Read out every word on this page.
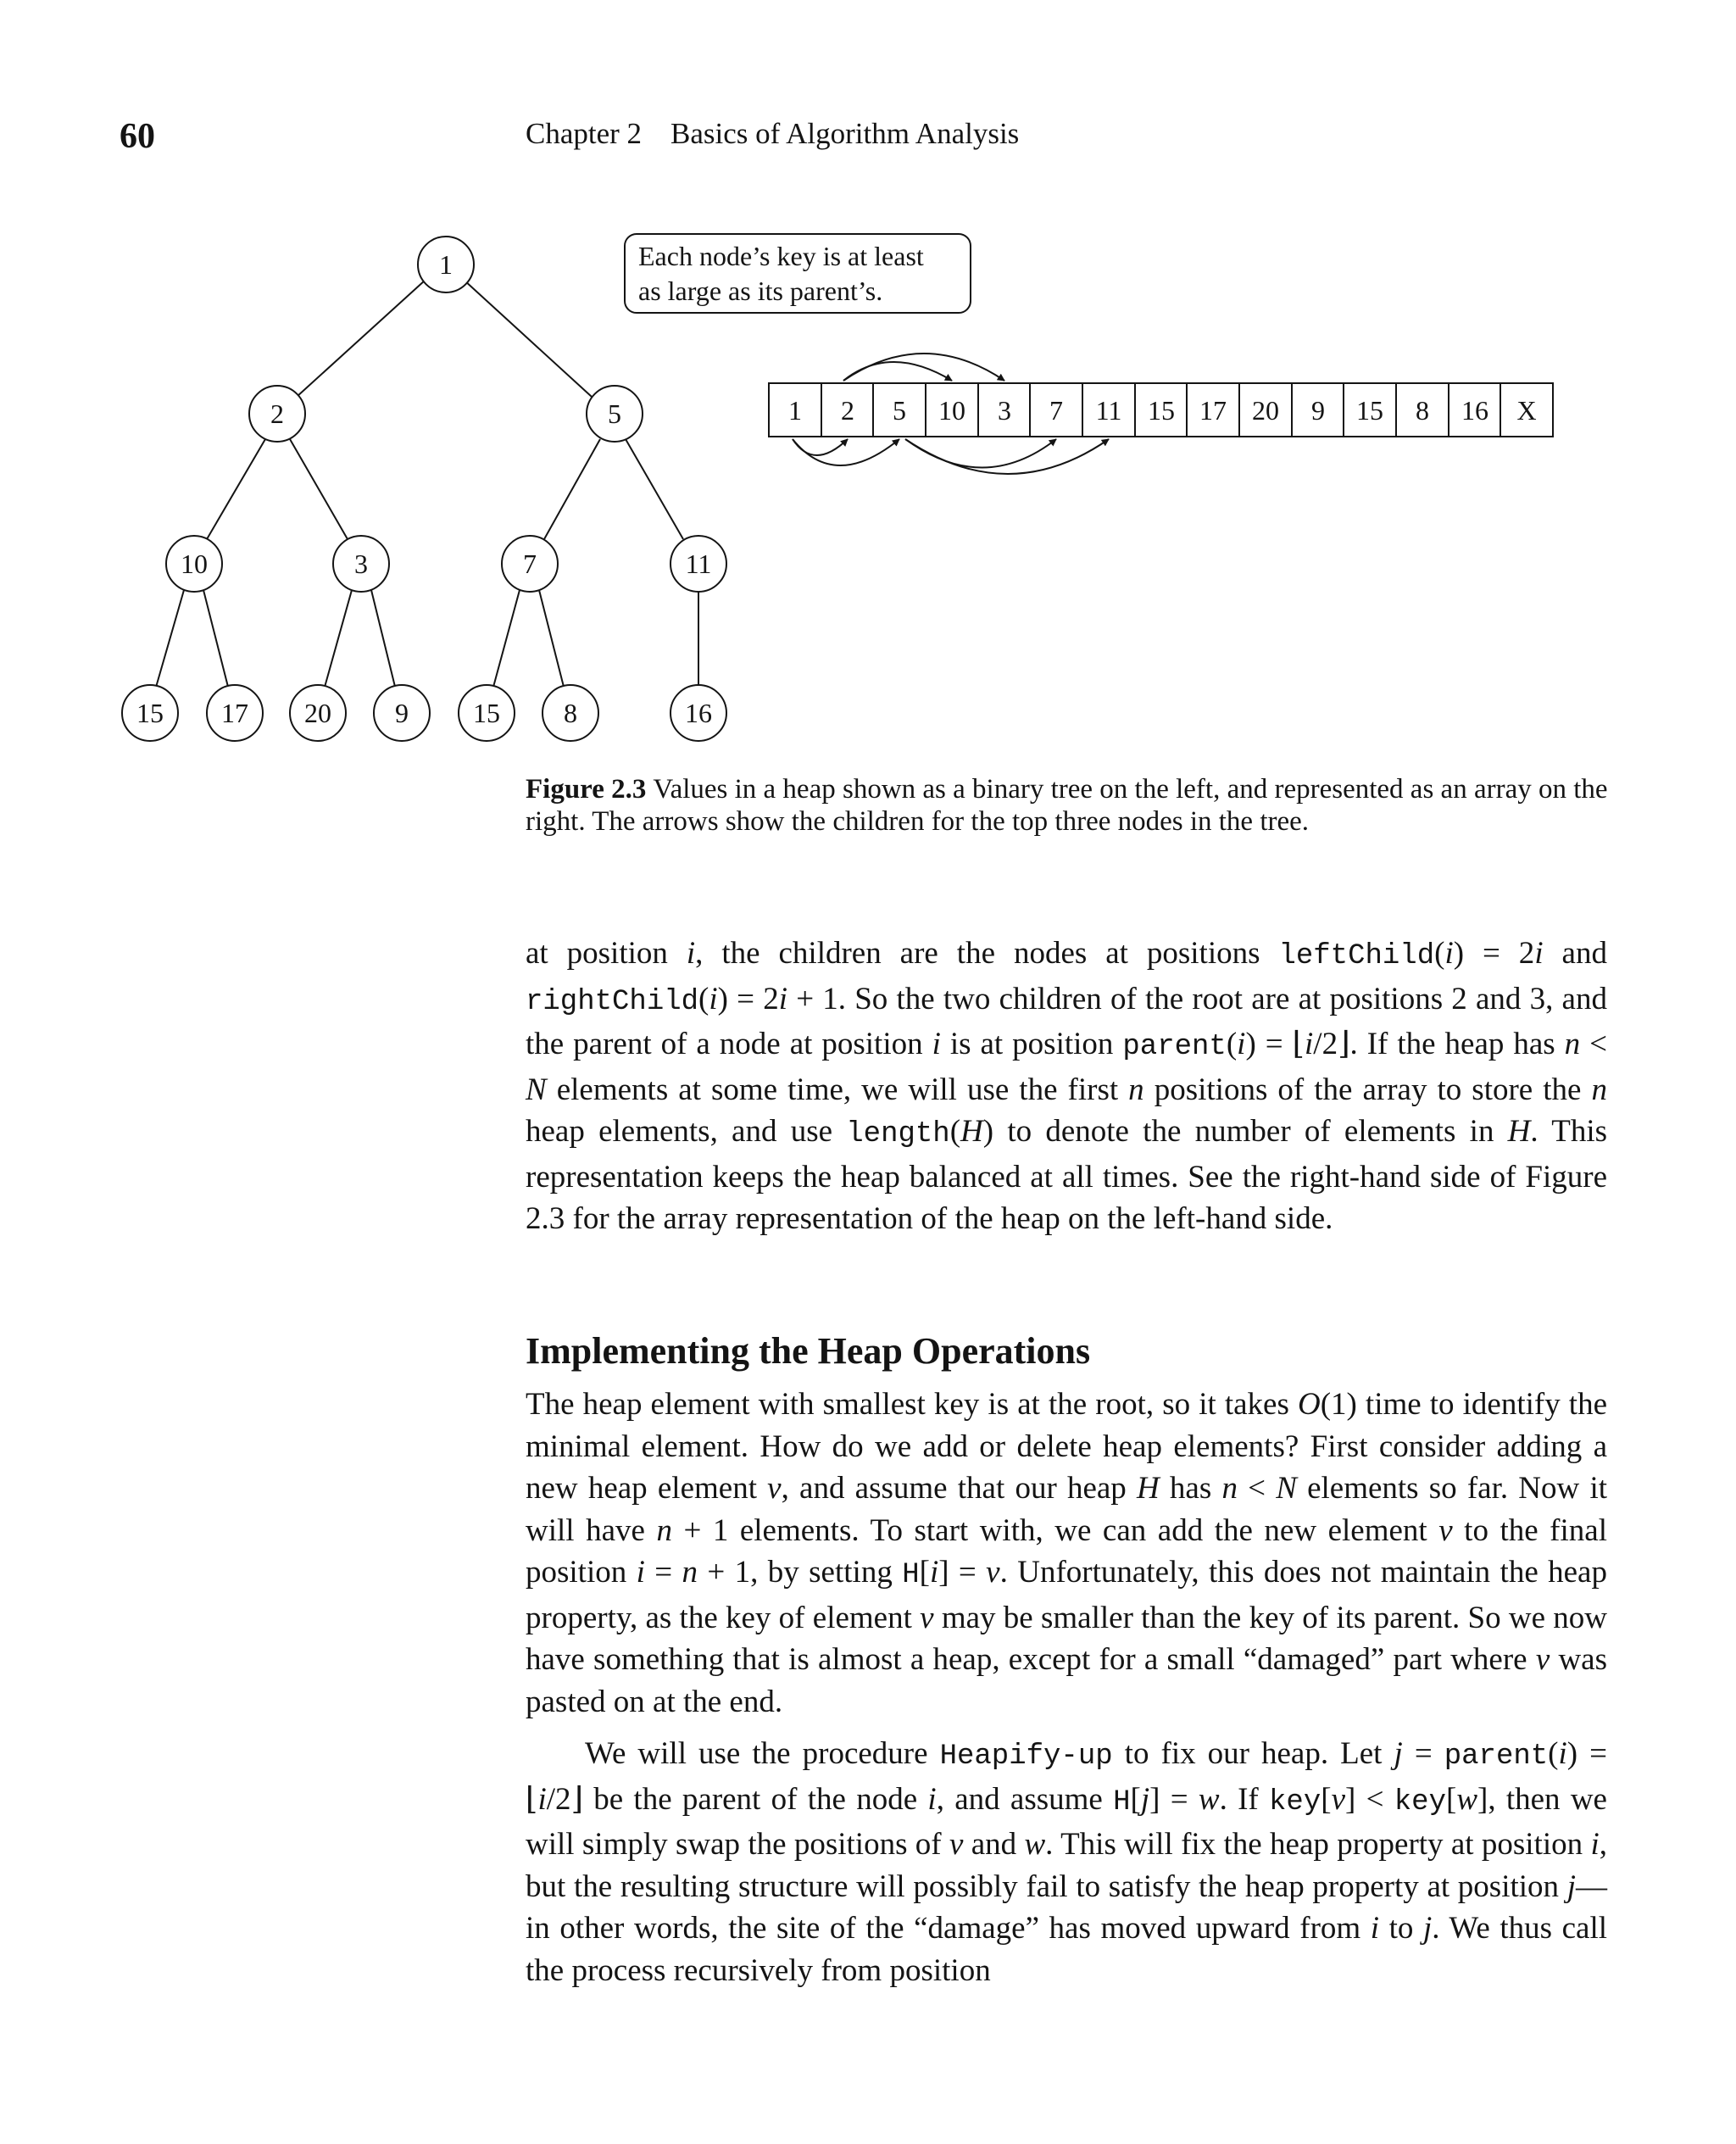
60	Chapter 2 Basics of Algorithm Analysis
1
2	5
10	3	7	11
15 17 20 9 15 8	16
Each node’s key is at least
as large as its parent’s.
1 2 5 10 3 7 11 15 17 20 9 15 8 16 X
Figure 2.3 Values in a heap shown as a binary tree on the left, and represented as an array on the right. The arrows show the children for the top three nodes in the tree.

at position i, the children are the nodes at positions leftChild(i) = 2i and rightChild(i) = 2i + 1. So the two children of the root are at positions 2 and 3, and the parent of a node at position i is at position parent(i) = ⌊i/2⌋. If the heap has n < N elements at some time, we will use the first n positions of the array to store the n heap elements, and use length(H) to denote the number of elements in H. This representation keeps the heap balanced at all times. See the right-hand side of Figure 2.3 for the array representation of the heap on the left-hand side.

Implementing the Heap Operations

The heap element with smallest key is at the root, so it takes O(1) time to identify the minimal element. How do we add or delete heap elements? First consider adding a new heap element v, and assume that our heap H has n < N elements so far. Now it will have n + 1 elements. To start with, we can add the new element v to the final position i = n + 1, by setting H[i] = v. Unfortunately, this does not maintain the heap property, as the key of element v may be smaller than the key of its parent. So we now have something that is almost a heap, except for a small “damaged” part where v was pasted on at the end.

We will use the procedure Heapify-up to fix our heap. Let j = parent(i) = ⌊i/2⌋ be the parent of the node i, and assume H[j] = w. If key[v] < key[w], then we will simply swap the positions of v and w. This will fix the heap property at position i, but the resulting structure will possibly fail to satisfy the heap property at position j—in other words, the site of the “damage” has moved upward from i to j. We thus call the process recursively from position
